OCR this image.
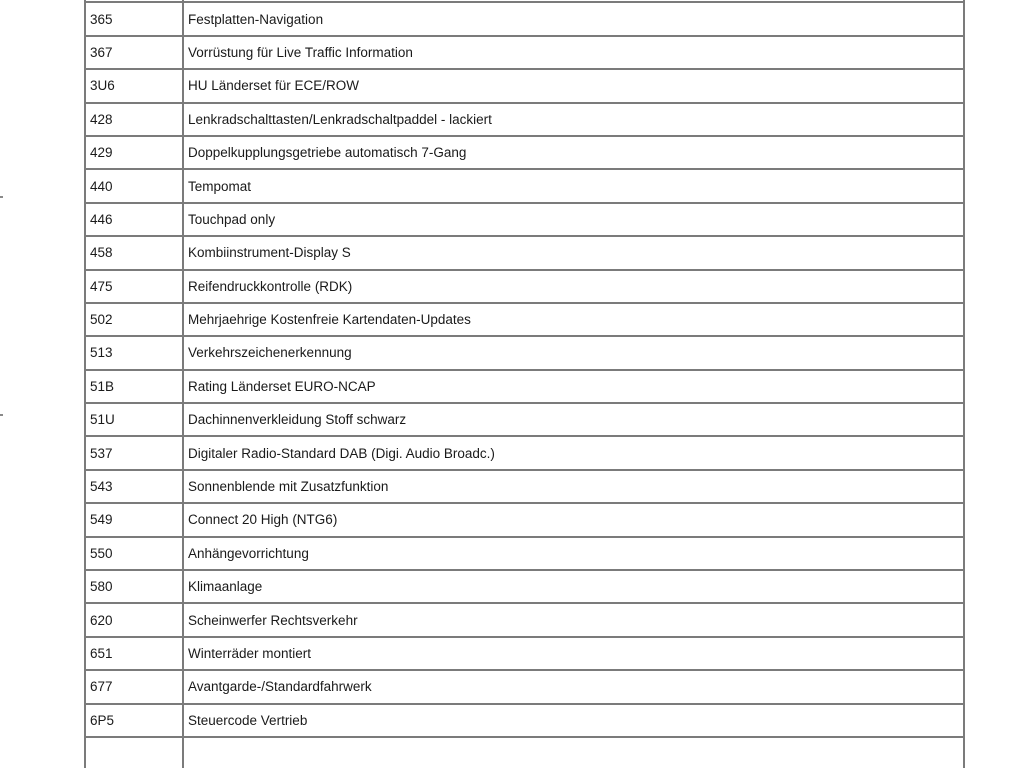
365	Festplatten-Navigation
367	Vorrüstung für Live Traffic Information
3U6	HU Länderset für ECE/ROW
428	Lenkradschalttasten/Lenkradschaltpaddel - lackiert
429	Doppelkupplungsgetriebe automatisch 7-Gang
440	Tempomat
446	Touchpad only
458	Kombiinstrument-Display S
475	Reifendruckkontrolle (RDK)
502	Mehrjaehrige Kostenfreie Kartendaten-Updates
513	Verkehrszeichenerkennung
51B	Rating Länderset EURO-NCAP
51U	Dachinnenverkleidung Stoff schwarz
537	Digitaler Radio-Standard DAB (Digi. Audio Broadc.)
543	Sonnenblende mit Zusatzfunktion
549	Connect 20 High (NTG6)
550	Anhängevorrichtung
580	Klimaanlage
620	Scheinwerfer Rechtsverkehr
651	Winterräder montiert
677	Avantgarde-/Standardfahrwerk
6P5	Steuercode Vertrieb
